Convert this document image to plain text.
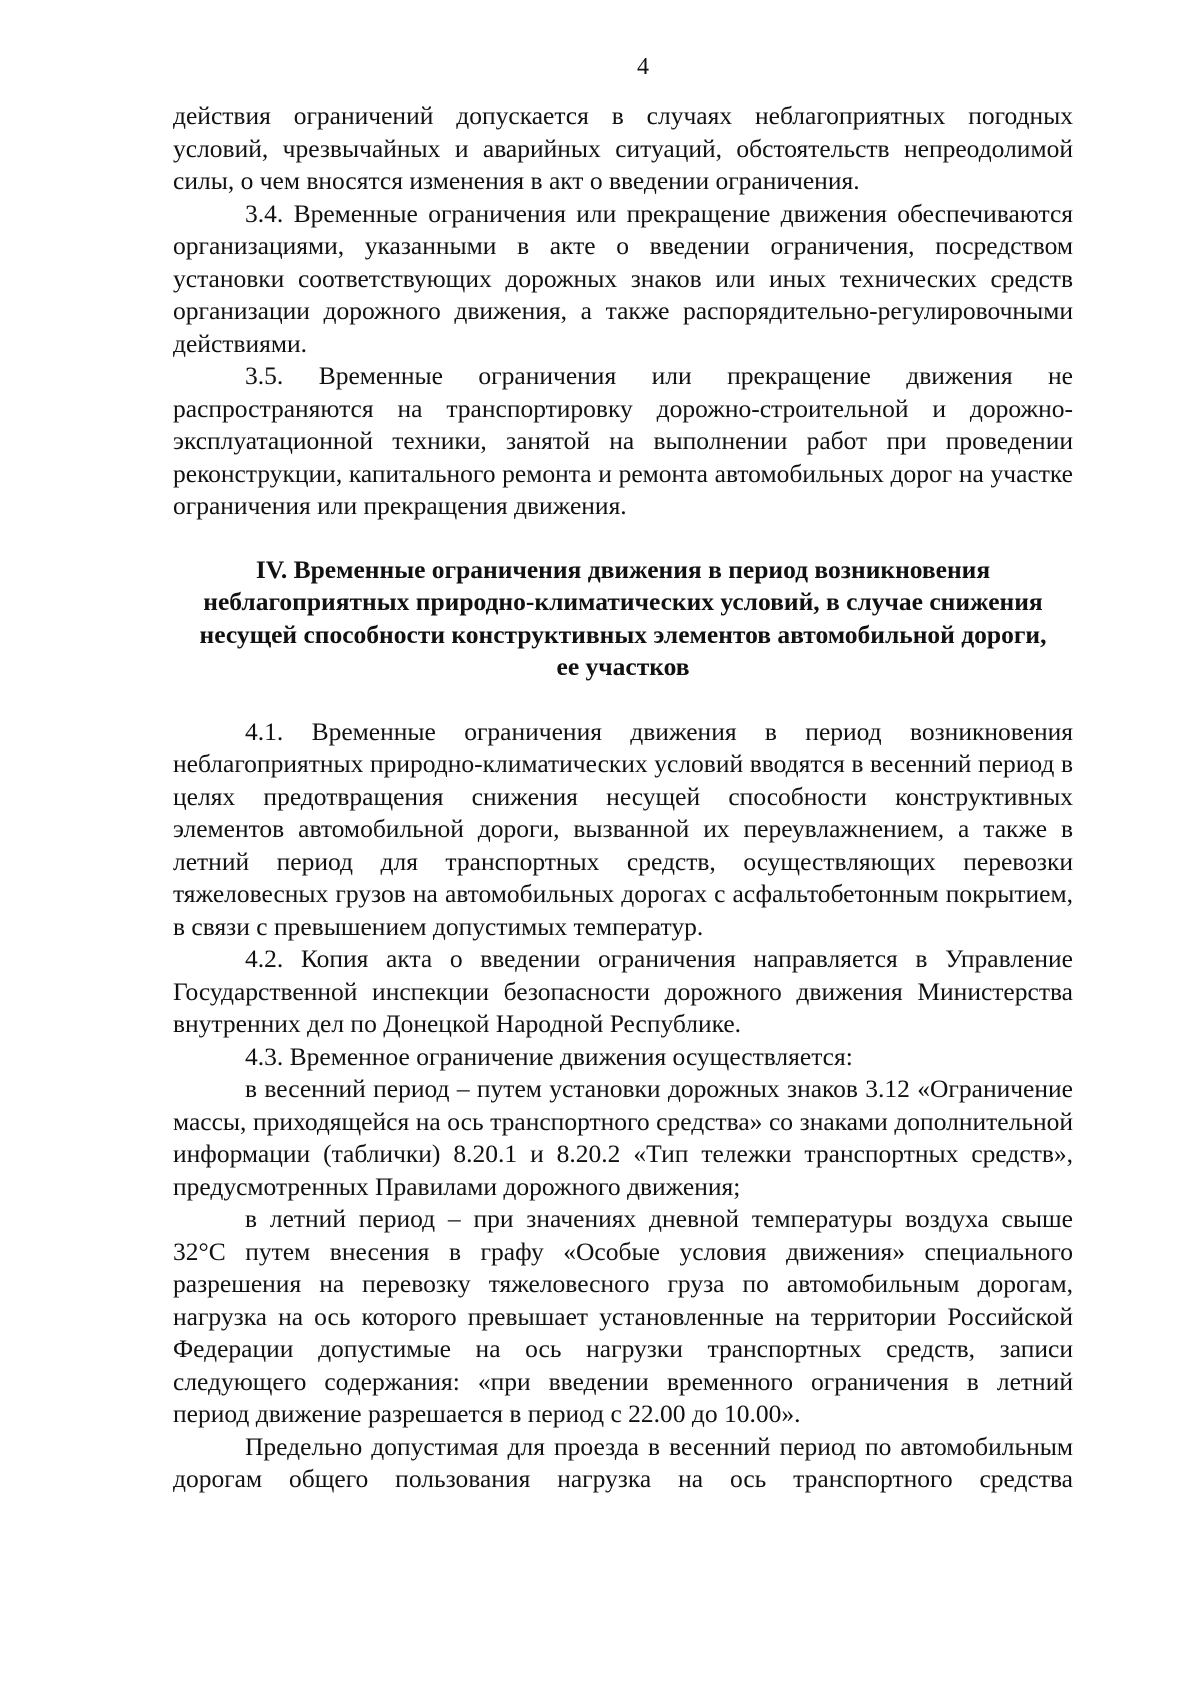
4

действия ограничений допускается в случаях неблагоприятных погодных условий, чрезвычайных и аварийных ситуаций, обстоятельств непреодолимой силы, о чем вносятся изменения в акт о введении ограничения.

3.4. Временные ограничения или прекращение движения обеспечиваются организациями, указанными в акте о введении ограничения, посредством установки соответствующих дорожных знаков или иных технических средств организации дорожного движения, а также распорядительно-регулировочными действиями.

3.5. Временные ограничения или прекращение движения не распространяются на транспортировку дорожно-строительной и дорожно-эксплуатационной техники, занятой на выполнении работ при проведении реконструкции, капитального ремонта и ремонта автомобильных дорог на участке ограничения или прекращения движения.

IV. Временные ограничения движения в период возникновения
неблагоприятных природно-климатических условий, в случае снижения
несущей способности конструктивных элементов автомобильной дороги,
ее участков

4.1. Временные ограничения движения в период возникновения неблагоприятных природно-климатических условий вводятся в весенний период в целях предотвращения снижения несущей способности конструктивных элементов автомобильной дороги, вызванной их переувлажнением, а также в летний период для транспортных средств, осуществляющих перевозки тяжеловесных грузов на автомобильных дорогах с асфальтобетонным покрытием, в связи с превышением допустимых температур.

4.2. Копия акта о введении ограничения направляется в Управление Государственной инспекции безопасности дорожного движения Министерства внутренних дел по Донецкой Народной Республике.

4.3. Временное ограничение движения осуществляется:

в весенний период – путем установки дорожных знаков 3.12 «Ограничение массы, приходящейся на ось транспортного средства» со знаками дополнительной информации (таблички) 8.20.1 и 8.20.2 «Тип тележки транспортных средств», предусмотренных Правилами дорожного движения;

в летний период – при значениях дневной температуры воздуха свыше 32°С путем внесения в графу «Особые условия движения» специального разрешения на перевозку тяжеловесного груза по автомобильным дорогам, нагрузка на ось которого превышает установленные на территории Российской Федерации допустимые на ось нагрузки транспортных средств, записи следующего содержания: «при введении временного ограничения в летний период движение разрешается в период с 22.00 до 10.00».

Предельно допустимая для проезда в весенний период по автомобильным дорогам общего пользования нагрузка на ось транспортного средства
